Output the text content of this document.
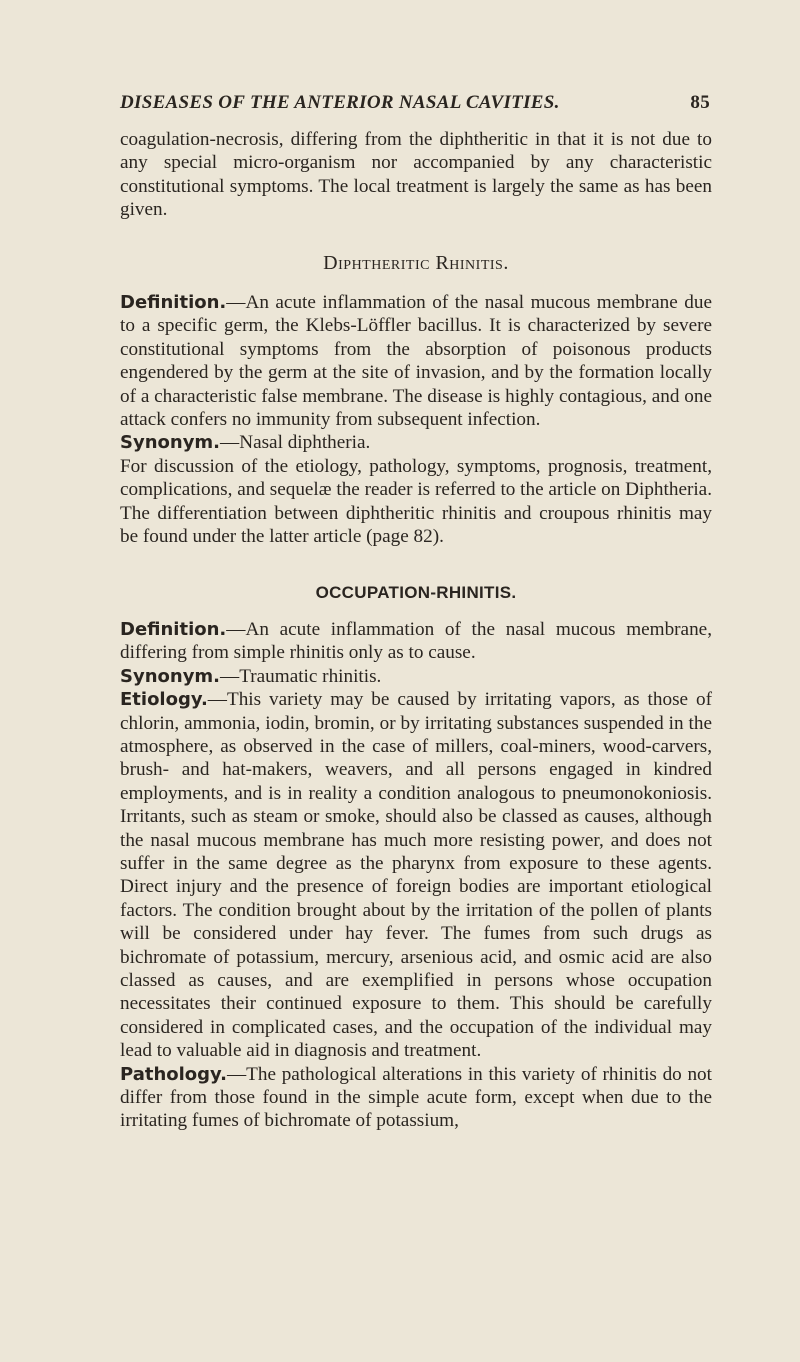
DISEASES OF THE ANTERIOR NASAL CAVITIES.	85

coagulation-necrosis, differing from the diphtheritic in that it is not due to any special micro-organism nor accompanied by any characteristic constitutional symptoms. The local treatment is largely the same as has been given.

Diphtheritic Rhinitis.

Definition.—An acute inflammation of the nasal mucous membrane due to a specific germ, the Klebs-Löffler bacillus. It is characterized by severe constitutional symptoms from the absorption of poisonous products engendered by the germ at the site of invasion, and by the formation locally of a characteristic false membrane. The disease is highly contagious, and one attack confers no immunity from subsequent infection.

Synonym.—Nasal diphtheria.

For discussion of the etiology, pathology, symptoms, prognosis, treatment, complications, and sequelæ the reader is referred to the article on Diphtheria. The differentiation between diphtheritic rhinitis and croupous rhinitis may be found under the latter article (page 82).

OCCUPATION-RHINITIS.

Definition.—An acute inflammation of the nasal mucous membrane, differing from simple rhinitis only as to cause.

Synonym.—Traumatic rhinitis.

Etiology.—This variety may be caused by irritating vapors, as those of chlorin, ammonia, iodin, bromin, or by irritating substances suspended in the atmosphere, as observed in the case of millers, coal-miners, wood-carvers, brush- and hat-makers, weavers, and all persons engaged in kindred employments, and is in reality a condition analogous to pneumonokoniosis. Irritants, such as steam or smoke, should also be classed as causes, although the nasal mucous membrane has much more resisting power, and does not suffer in the same degree as the pharynx from exposure to these agents. Direct injury and the presence of foreign bodies are important etiological factors. The condition brought about by the irritation of the pollen of plants will be considered under hay fever. The fumes from such drugs as bichromate of potassium, mercury, arsenious acid, and osmic acid are also classed as causes, and are exemplified in persons whose occupation necessitates their continued exposure to them. This should be carefully considered in complicated cases, and the occupation of the individual may lead to valuable aid in diagnosis and treatment.

Pathology.—The pathological alterations in this variety of rhinitis do not differ from those found in the simple acute form, except when due to the irritating fumes of bichromate of potassium,
